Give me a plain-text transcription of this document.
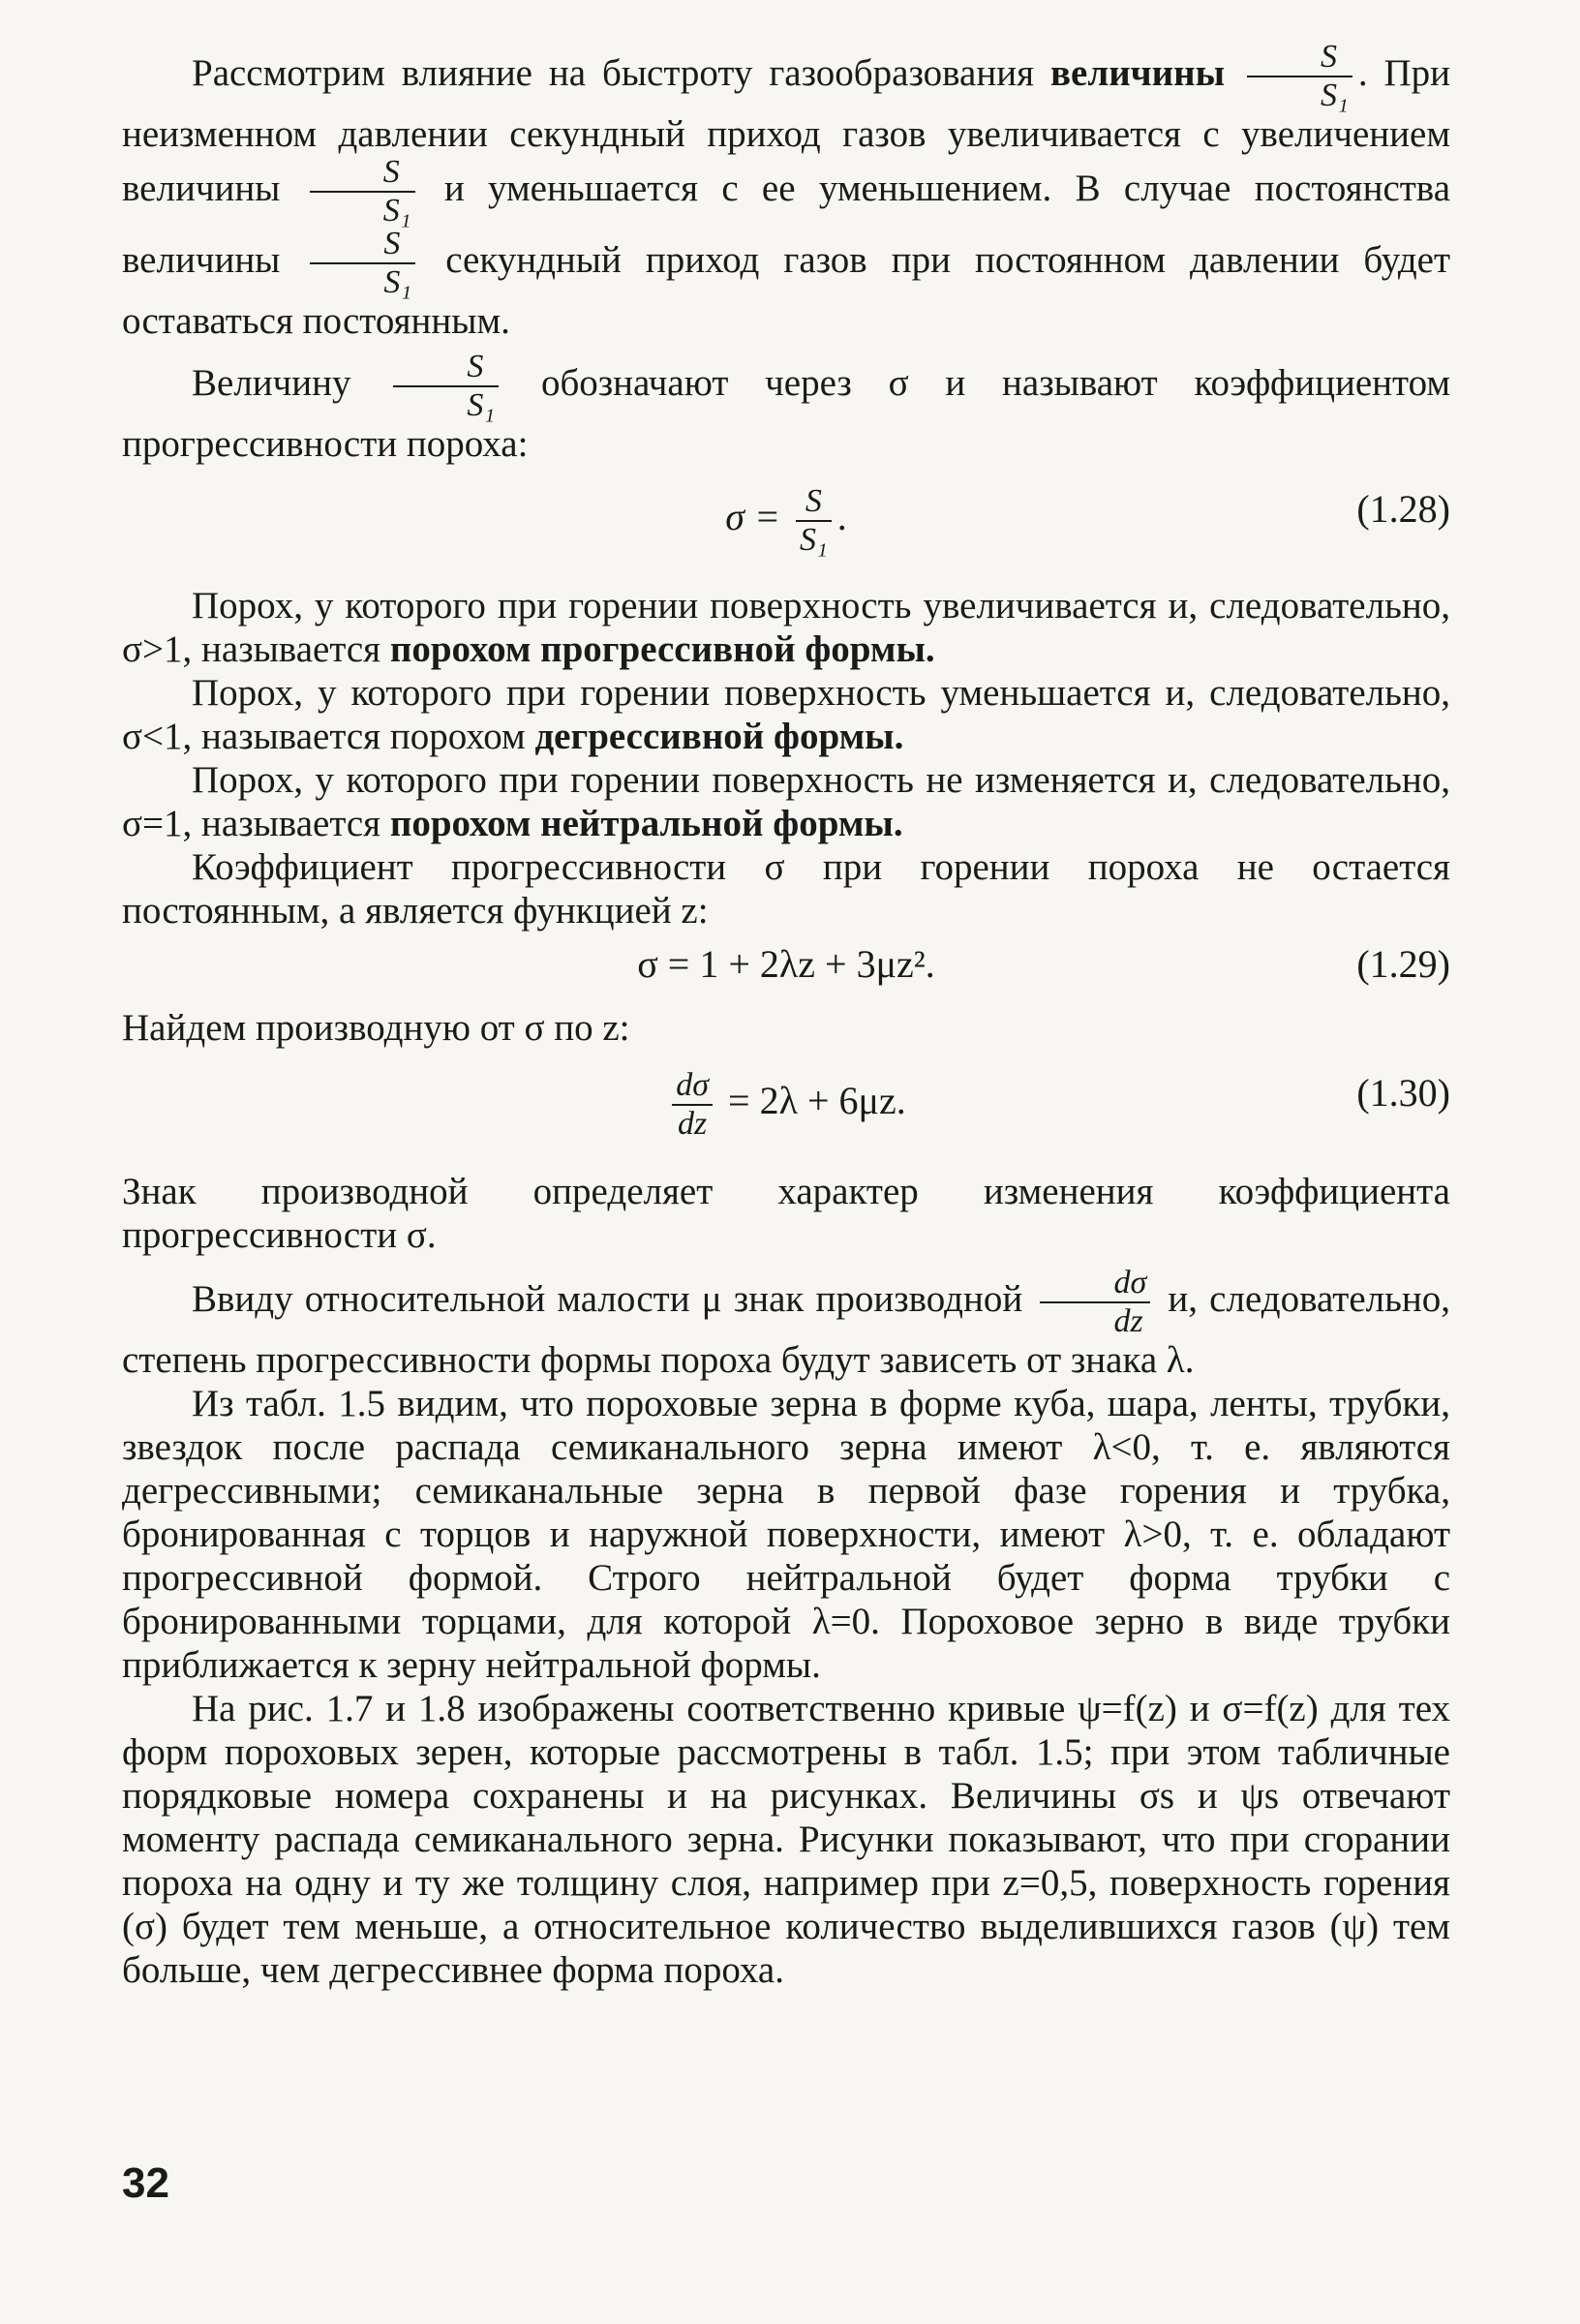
Рассмотрим влияние на быстроту газообразования величины $\frac{S}{\text{S₁}}$ . При неизменном давлении секундный приход газов увеличивается с увеличением величины $\frac{S}{\text{S₁}}$ и уменьшается с ее уменьшением. В случае постоянства величины $\frac{S}{\text{S₁}}$ секундный приход газов при постоянном давлении будет оставаться постоянным.

Величину $\frac{S}{\text{S₁}}$ обозначают через σ и называют коэффициентом прогрессивности пороха:

$\sigma = \frac{S}{\text{S₁}}$ .	(1.28)

Порох, у которого при горении поверхность увеличивается и, следовательно, σ>1, называется порохом прогрессивной формы.

Порох, у которого при горении поверхность уменьшается и, следовательно, σ<1, называется порохом дегрессивной формы.

Порох, у которого при горении поверхность не изменяется и, следовательно, σ=1, называется порохом нейтральной формы.

Коэффициент прогрессивности σ при горении пороха не остается постоянным, а является функцией z:

σ = 1 + 2λz + 3μz².	(1.29)

Найдем производную от σ по z:

$\frac{d\sigma}{dz} = 2\lambda + 6\mu z$.	(1.30)

Знак производной определяет характер изменения коэффициента прогрессивности σ.

Ввиду относительной малости μ знак производной $\frac{d\sigma}{dz} и$, следовательно, степень прогрессивности формы пороха будут зависеть от знака λ.

Из табл. 1.5 видим, что пороховые зерна в форме куба, шара, ленты, трубки, звездок после распада семиканального зерна имеют λ<0, т. е. являются дегрессивными; семиканальные зерна в первой фазе горения и трубка, бронированная с торцов и наружной поверхности, имеют λ>0, т. е. обладают прогрессивной формой. Строго нейтральной будет форма трубки с бронированными торцами, для которой λ=0. Пороховое зерно в виде трубки приближается к зерну нейтральной формы.

На рис. 1.7 и 1.8 изображены соответственно кривые ψ=f(z) и σ=f(z) для тех форм пороховых зерен, которые рассмотрены в табл. 1.5; при этом табличные порядковые номера сохранены и на рисунках. Величины σs и ψs отвечают моменту распада семиканального зерна. Рисунки показывают, что при сгорании пороха на одну и ту же толщину слоя, например при z=0,5, поверхность горения (σ) будет тем меньше, а относительное количество выделившихся газов (ψ) тем больше, чем дегрессивнее форма пороха.

32
